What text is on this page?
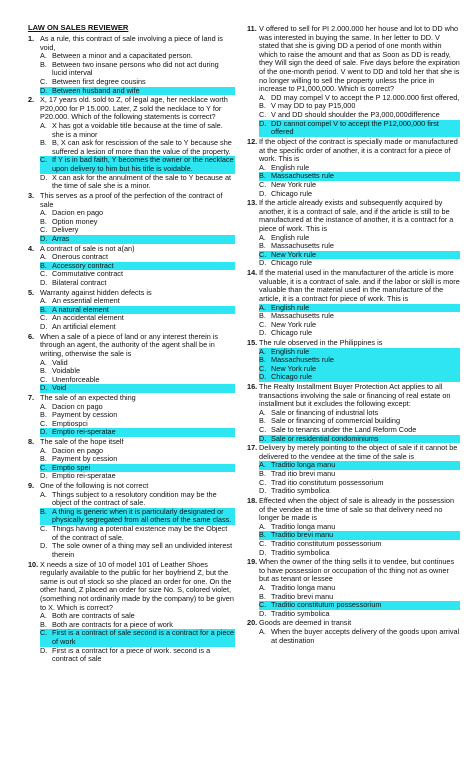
LAW ON SALES REVIEWER
1. As a rule, this contract of sale involving a piece of land is void,
A. Between a minor and a capacitated person.
B. Between two insane persons who did not act during lucid interval
C. Between first degree cousins
D. Between husband and wife
2. X, 17 years old. sold to Z, of legal age, her necklace worth P20,000 for P 15.000. Later, Z sold the necklace to Y for P20.000. Which of the following statements is correct?
A. X has got a voidable title because at the time of sale. she is a minor
B. B, X can ask for rescission of the sale to Y because she suffered a lesion of more than the value of the property.
C. If Y is in bad faith, Y becomes the owner or the necklace upon delivery to him but his title is voidable.
D. X can ask for the annulment of the sale to Y because at the time of sale she is a minor.
3. This serves as a proof of the perfection of the contract of sale
A. Dacion en pago
B. Option money
C. Delivery
D. Arras
4. A contract of sale is not a(an)
A. Onerous contract
B. Accessory contract
C. Commutative contract
D. Bilateral contract
5. Warranty against hidden defects is
A. An essential element
B. A natural element
C. An accidental element
D. An artificial element
6. When a sale of a piece of land or any interest therein is through an agent, the authority of the agent shall be in writing, otherwise the sale is
A. Valid
B. Voidable
C. Unenforceable
D. Void
7. The sale of an expected thing
A. Dacion cn pago
B. Payment by cession
C. Emptiospci
D. Emptio rei-speratae
8. The sale of the hope itself
A. Dacion en pago
B. Payment by cession
C. Emptio spei
D. Emptio rei-speratae
9. One of the following is not correct
A. Things subject to a resolutory condition may be the object of the contract of sale.
B. A thing is generic when it is particularly designated or physically segregated from all others of the same class.
C. Things having a potential existence may be the Object of the contract of sale.
D. The sole owner of a thing may sell an undivided interest therein
10. X needs a size of 10 of model 101 of Leather Shoes regularly available to the public for her boyfriend Z, but the same is out of stock so she placed an order for one. On the other hand, Z placed an order for size No. S, colored violet, (something not ordinarily made by the company) to be given to X. Which is correct?
A. Both are contracts of sale
B. Both are contracts for a piece of work
C. First is a contract of sale second is a contract for a piece of work
D. First is a contract for a piece of work. second is a contract of sale
11. V offered to sell for PI 2.000.000 her house and lot to DD who was interested in buying the same. In her letter to DD. V stated that she is giving DD a period of one month within which to raise the amount and that as Soon as DD is ready, they Will sign the deed of sale. Five days before the expiration of the one-month period. V went to DD and told her that she is no longer willing to sell the property unless the price in increase to P1,000,000. Which is correct?
A. DD may compel V to accept the P 12.000.000 first offered,
B. V may DD to pay P15,000
C. V and DD should shoulder the P3,000,000difference
D. DD cannot compel V to accept the P12,000,000 first offered
12. If the object of the contract is specially made or manufactured at the specific order of another, it is a contract for a piece of work. This is
A. English rule
B. Massachusetts rule
C. New York rule
D. Chicago rule
13. If the article already exists and subsequently acquired by another, it is a contract of sale, and if the article is still to be manufactured at the instance of another, it is a contract for a piece of work. This is
A. English rule
B. Massachusetts rule
C. New York rule
D. Chicago rule
14. If the material used in the manufacturer of the article is more valuable, it is a contract of sale. and if the labor or skill is more valuable than the material used in the manufacture of the article, it is a contract for piece of work. This is
A. English rule
B. Massachusetts rule
C. New York rule
D. Chicago rule
15. The rule observed in the Philippines is
A. English rule
B. Massachusetts rule
C. New York rule
D. Chicago rule
16. The Realty Installment Buyer Protection Act applies to all transactions involving the sale or financing of real estate on installment but it excludes the following except:
A. Sale or financing of industrial lots
B. Sale or financing of commercial building
C. Sale to tenants under the Land Reform Code
D. Sale or residential condominiums
17. Delivery by merely pointing to the object of sale if it cannot be delivered to the vendee at the time of the sale is
A. Traditio longa manu
B. Trad itio brevi manu
C. Trad itio constitutum possessorium
D. Traditio symbolica
18. Effected when the object of sale is already in the possession of the vendee at the time of sale so that delivery need no longer be made is
A. Traditio longa manu
B. Traditio brevi manu
C. Traditio constitutum possessorium
D. Traditio symbolica
19. When the owner of the thing sells it to vendee, but continues to have possession or occupation of thc thing not as owner but as tenant or lessee
A. Traditio longa manu
B. Traditio brevi manu
C. Traditio constitutum possessorium
D. Traditio symbolica
20. Goods are deemed in transit
A. When the buyer accepts delivery of the goods upon arrival at destination
